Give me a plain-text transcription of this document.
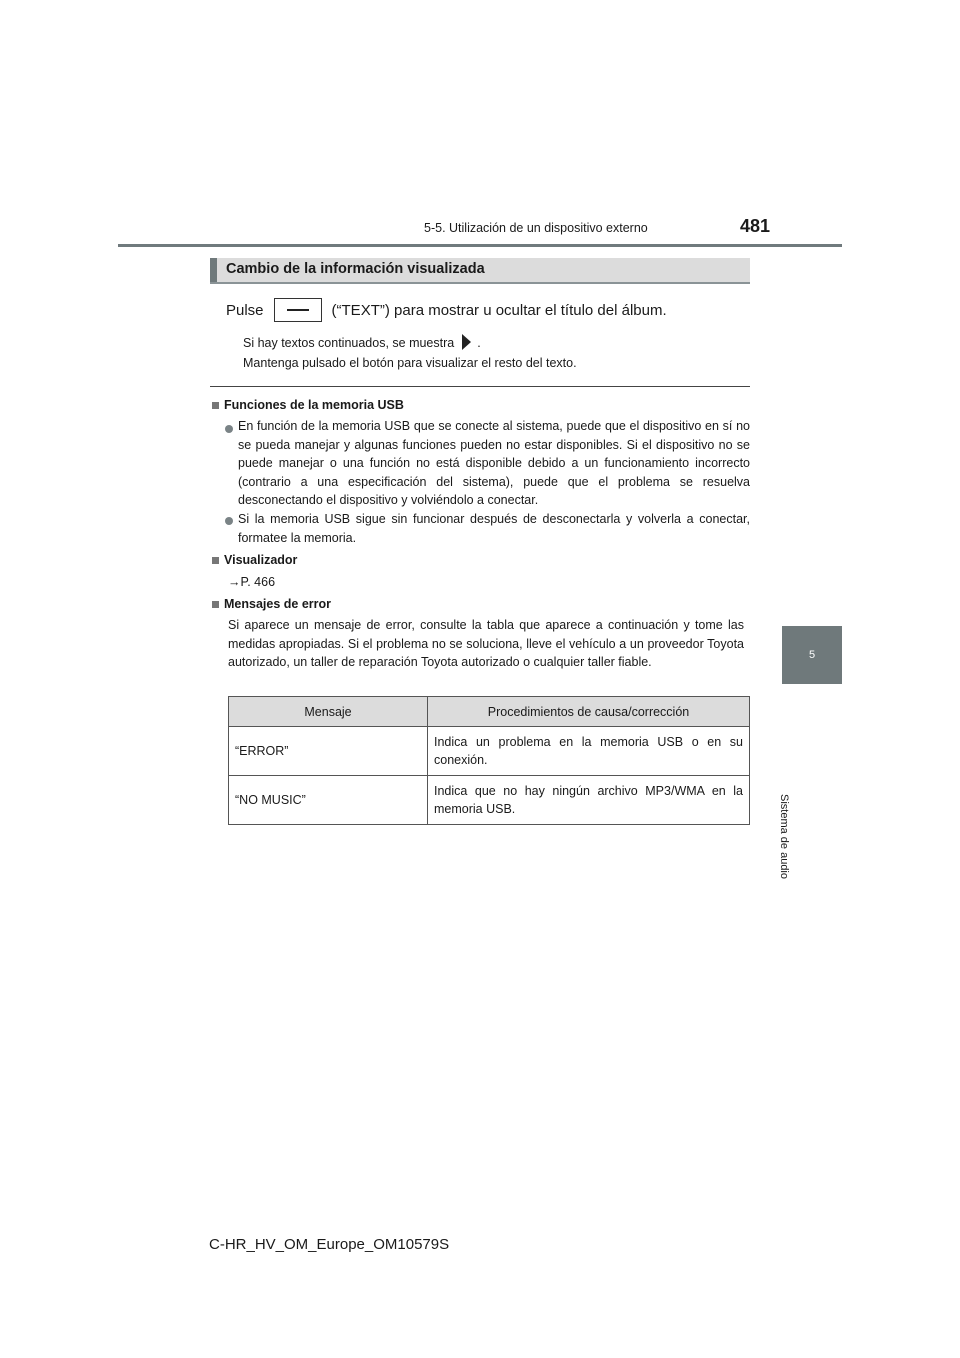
5-5. Utilización de un dispositivo externo	481
5
Sistema de audio
Cambio de la información visualizada
Pulse	(“TEXT”) para mostrar u ocultar el título del álbum.
Si hay textos continuados, se muestra .
Mantenga pulsado el botón para visualizar el resto del texto.
Funciones de la memoria USB
En función de la memoria USB que se conecte al sistema, puede que el dispositivo en sí no se pueda manejar y algunas funciones pueden no estar disponibles. Si el dispositivo no se puede manejar o una función no está disponible debido a un funcionamiento incorrecto (contrario a una especificación del sistema), puede que el problema se resuelva desconectando el dispositivo y volviéndolo a conectar.
Si la memoria USB sigue sin funcionar después de desconectarla y volverla a conectar, formatee la memoria.
Visualizador
→P. 466
Mensajes de error
Si aparece un mensaje de error, consulte la tabla que aparece a continuación y tome las medidas apropiadas. Si el problema no se soluciona, lleve el vehículo a un proveedor Toyota autorizado, un taller de reparación Toyota autorizado o cualquier taller fiable.
Mensaje	Procedimientos de causa/corrección
“ERROR”	Indica un problema en la memoria USB o en su conexión.
“NO MUSIC”	Indica que no hay ningún archivo MP3/WMA en la memoria USB.
C-HR_HV_OM_Europe_OM10579S
